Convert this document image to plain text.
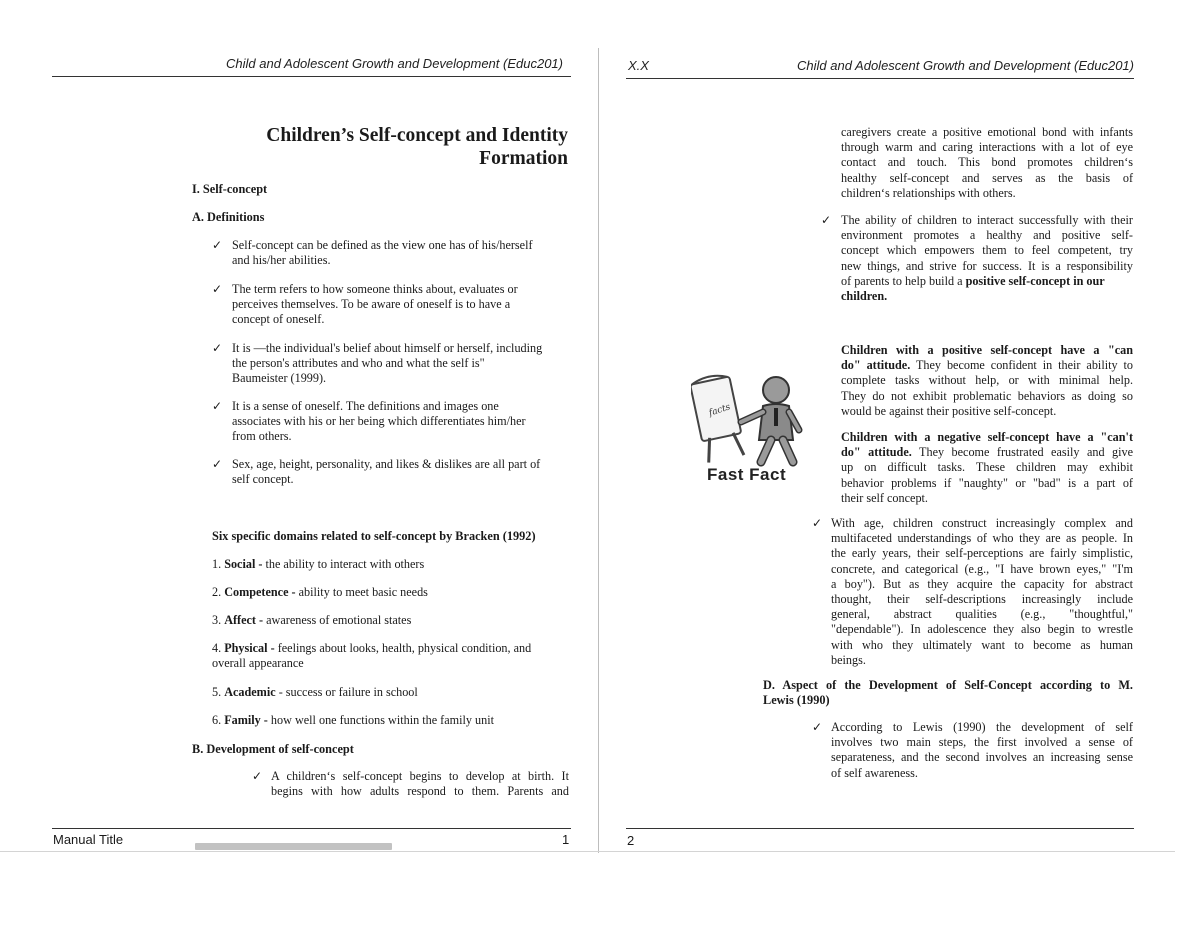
Child and Adolescent Growth and Development (Educ201)
Children’s Self-concept and Identity
Formation
I. Self-concept
A. Definitions
✓ Self-concept can be defined as the view one has of his/herself
and his/her abilities.
✓ The term refers to how someone thinks about, evaluates or
perceives themselves. To be aware of oneself is to have a
concept of oneself.
✓ It is —the individual's belief about himself or herself, including
the person's attributes and who and what the self is"
Baumeister (1999).
✓ It is a sense of oneself. The definitions and images one
associates with his or her being which differentiates him/her
from others.
✓ Sex, age, height, personality, and likes & dislikes are all part of
self concept.
Six specific domains related to self-concept by Bracken (1992)
1. Social - the ability to interact with others
2. Competence - ability to meet basic needs
3. Affect - awareness of emotional states
4. Physical - feelings about looks, health, physical condition, and
overall appearance
5. Academic - success or failure in school
6. Family - how well one functions within the family unit
B. Development of self-concept
✓ A children‘s self-concept begins to develop at birth. It
begins with how adults respond to them. Parents and
Manual Title	1
X.X	Child and Adolescent Growth and Development (Educ201)
caregivers create a positive emotional bond with infants
through warm and caring interactions with a lot of eye
contact and touch. This bond promotes children‘s
healthy self-concept and serves as the basis of
children‘s relationships with others.
✓ The ability of children to interact successfully with their
environment promotes a healthy and positive self-
concept which empowers them to feel competent, try
new things, and strive for success. It is a responsibility
of parents to help build a positive self-concept in our
children.
facts
Fast Fact
Children with a positive self-concept have a "can
do" attitude. They become confident in their ability to
complete tasks without help, or with minimal help.
They do not exhibit problematic behaviors as doing so
would be against their positive self-concept.
Children with a negative self-concept have a "can't
do" attitude. They become frustrated easily and give
up on difficult tasks. These children may exhibit
behavior problems if "naughty" or "bad" is a part of
their self concept.
✓ With age, children construct increasingly complex and
multifaceted understandings of who they are as people. In
the early years, their self-perceptions are fairly simplistic,
concrete, and categorical (e.g., "I have brown eyes," "I'm
a boy"). But as they acquire the capacity for abstract
thought, their self-descriptions increasingly include
general, abstract qualities (e.g., "thoughtful,"
"dependable"). In adolescence they also begin to wrestle
with who they ultimately want to become as human
beings.
D. Aspect of the Development of Self-Concept according to M.
Lewis (1990)
✓ According to Lewis (1990) the development of self
involves two main steps, the first involved a sense of
separateness, and the second involves an increasing sense
of self awareness.
2
